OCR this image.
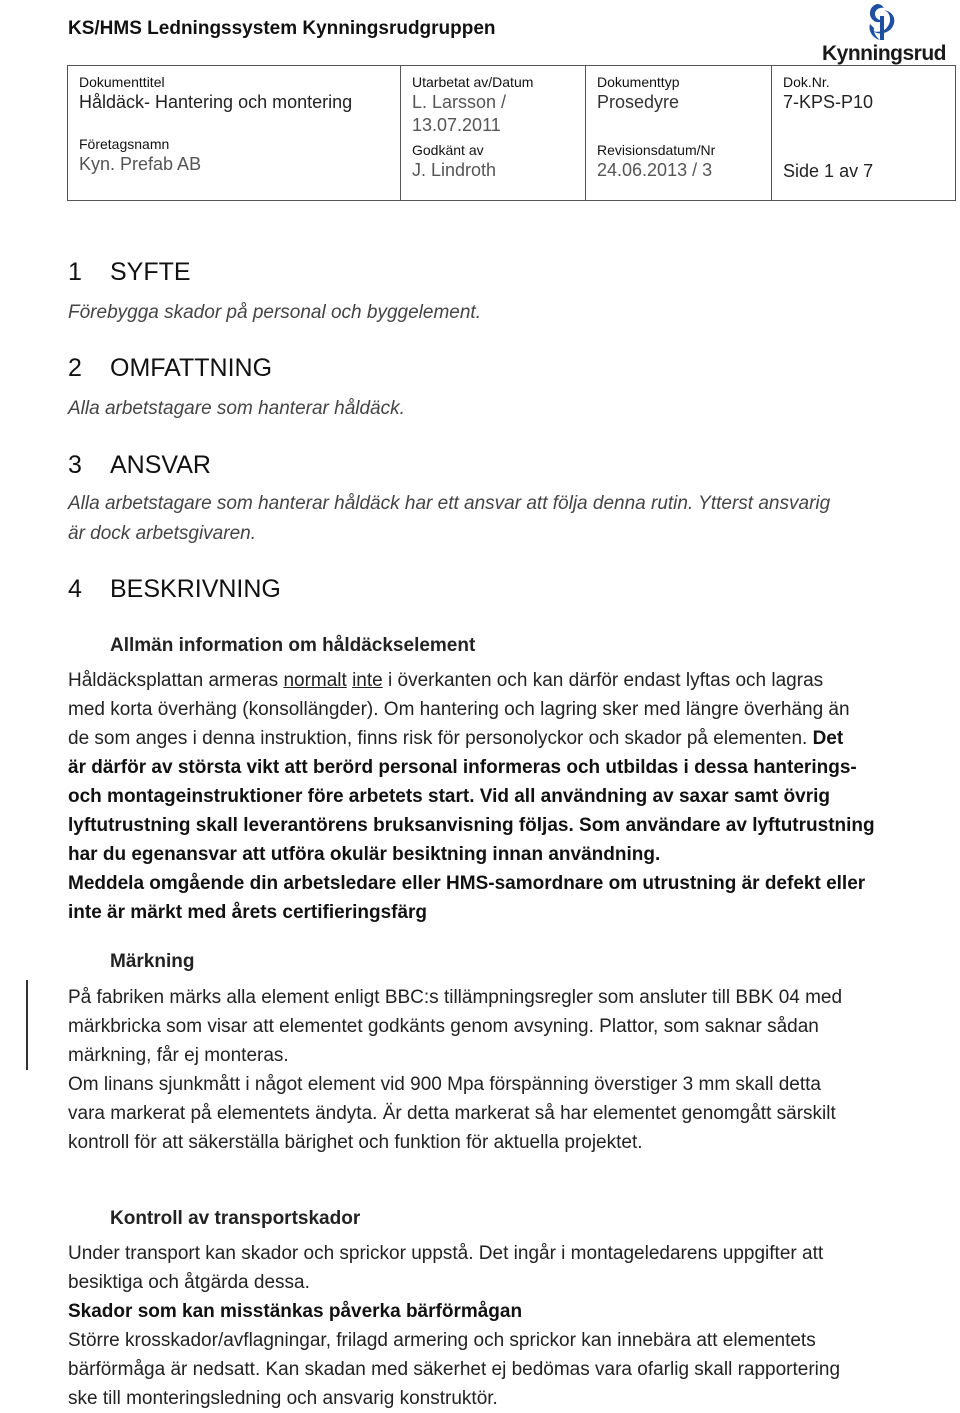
KS/HMS Ledningssystem Kynningsrudgruppen
Kynningsrud
Dokumenttitel
Håldäck- Hantering och montering
Företagsnamn
Kyn. Prefab AB
Utarbetat av/Datum
L. Larsson /
13.07.2011
Godkänt av
J. Lindroth
Dokumenttyp
Prosedyre
Revisionsdatum/Nr
24.06.2013 / 3
Dok.Nr.
7-KPS-P10
Side 1 av 7
1 SYFTE

Förebygga skador på personal och byggelement.

2 OMFATTNING

Alla arbetstagare som hanterar håldäck.

3 ANSVAR

Alla arbetstagare som hanterar håldäck har ett ansvar att följa denna rutin. Ytterst ansvarig
är dock arbetsgivaren.

4 BESKRIVNING
Allmän information om håldäckselement
Håldäcksplattan armeras normalt inte i överkanten och kan därför endast lyftas och lagras
med korta överhäng (konsollängder). Om hantering och lagring sker med längre överhäng än
de som anges i denna instruktion, finns risk för personolyckor och skador på elementen. Det
är därför av största vikt att berörd personal informeras och utbildas i dessa hanterings-
och montageinstruktioner före arbetets start. Vid all användning av saxar samt övrig
lyftutrustning skall leverantörens bruksanvisning följas. Som användare av lyftutrustning
har du egenansvar att utföra okulär besiktning innan användning.
Meddela omgående din arbetsledare eller HMS-samordnare om utrustning är defekt eller
inte är märkt med årets certifieringsfärg
Märkning
På fabriken märks alla element enligt BBC:s tillämpningsregler som ansluter till BBK 04 med
märkbricka som visar att elementet godkänts genom avsyning. Plattor, som saknar sådan
märkning, får ej monteras.
Om linans sjunkmått i något element vid 900 Mpa förspänning överstiger 3 mm skall detta
vara markerat på elementets ändyta. Är detta markerat så har elementet genomgått särskilt
kontroll för att säkerställa bärighet och funktion för aktuella projektet.
Kontroll av transportskador
Under transport kan skador och sprickor uppstå. Det ingår i montageledarens uppgifter att
besiktiga och åtgärda dessa.
Skador som kan misstänkas påverka bärförmågan
Större krosskador/avflagningar, frilagd armering och sprickor kan innebära att elementets
bärförmåga är nedsatt. Kan skadan med säkerhet ej bedömas vara ofarlig skall rapportering
ske till monteringsledning och ansvarig konstruktör.
